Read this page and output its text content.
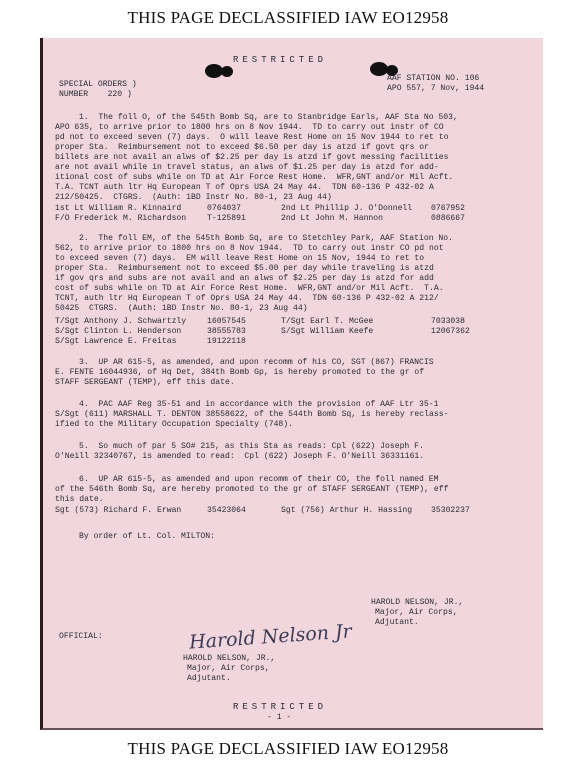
THIS PAGE DECLASSIFIED IAW EO12958
RESTRICTED
SPECIAL ORDERS )
NUMBER    220 )
AAF STATION NO. 106
APO 557, 7 Nov, 1944
1.  The foll O, of the 545th Bomb Sq, are to Stanbridge Earls, AAF Sta No 503,
APO 635, to arrive prior to 1800 hrs on 8 Nov 1944.  TD to carry out instr of CO
pd not to exceed seven (7) days.  O will leave Rest Home on 15 Nov 1944 to ret to
proper Sta.  Reimbursement not to exceed $6.50 per day is atzd if govt qrs or
billets are not avail an alws of $2.25 per day is atzd if govt messing facilities
are not avail while in travel status, an alws of $1.25 per day is atzd for add-
itional cost of subs while on TD at Air Force Rest Home.  WFR,GNT and/or Mil Acft.
T.A. TCNT auth ltr Hq European T of Oprs USA 24 May 44.  TDN 60-136 P 432-02 A
212/50425.  CTGRS.  (Auth: 1BD Instr No. 80-1, 23 Aug 44)
1st Lt William R. Kinnaird	0764037	2nd Lt Phillip J. O'Donnell 0767952
F/O Frederick M. Richardson	T-125891	2nd Lt John M. Hannon	0886667
2.  The foll EM, of the 545th Bomb Sq, are to Stetchley Park, AAF Station No.
562, to arrive prior to 1800 hrs on 8 Nov 1944.  TD to carry out instr CO pd not
to exceed seven (7) days.  EM will leave Rest Home on 15 Nov, 1944 to ret to
proper Sta.  Reimbursement not to exceed $5.00 per day while traveling is atzd
if gov qrs and subs are not avail and an alws of $2.25 per day is atzd for add
cost of subs while on TD at Air Force Rest Home.  WFR,GNT and/or Mil Acft.  T.A.
TCNT, auth ltr Hq European T of Oprs USA 24 May 44.  TDN 60-136 P 432-02 A 212/
50425  CTGRS.  (Auth: 1BD Instr No. 80-1, 23 Aug 44)
T/Sgt Anthony J. Schwartzly	16057545	T/Sgt Earl T. McGee	7033038
S/Sgt Clinton L. Henderson	38555783	S/Sgt William Keefe	12067362
S/Sgt Lawrence E. Freitas	19122118
3.  UP AR 615-5, as amended, and upon recomm of his CO, SGT (867) FRANCIS
E. FENTE 16044936, of Hq Det, 384th Bomb Gp, is hereby promoted to the gr of
STAFF SERGEANT (TEMP), eff this date.
4.  PAC AAF Reg 35-51 and in accordance with the provision of AAF Ltr 35-1
S/Sgt (611) MARSHALL T. DENTON 38558622, of the 544th Bomb Sq, is hereby reclass-
ified to the Military Occupation Specialty (748).
5.  So much of par 5 SO# 215, as this Sta as reads: Cpl (622) Joseph F.
O'Neill 32340767, is amended to read:  Cpl (622) Joseph F. O'Neill 36331161.
6.  UP AR 615-5, as amended and upon recomm of their CO, the foll named EM
of the 546th Bomb Sq, are hereby promoted to the gr of STAFF SERGEANT (TEMP), eff
this date.
Sgt (573) Richard F. Erwan	35423064	Sgt (756) Arthur H. Hassing 35302237
By order of Lt. Col. MILTON:
HAROLD NELSON, JR.,
Major, Air Corps,
Adjutant.
OFFICIAL:	Harold Nelson Jr
HAROLD NELSON, JR.,
Major, Air Corps,
Adjutant.
RESTRICTED
- 1 -
THIS PAGE DECLASSIFIED IAW EO12958
